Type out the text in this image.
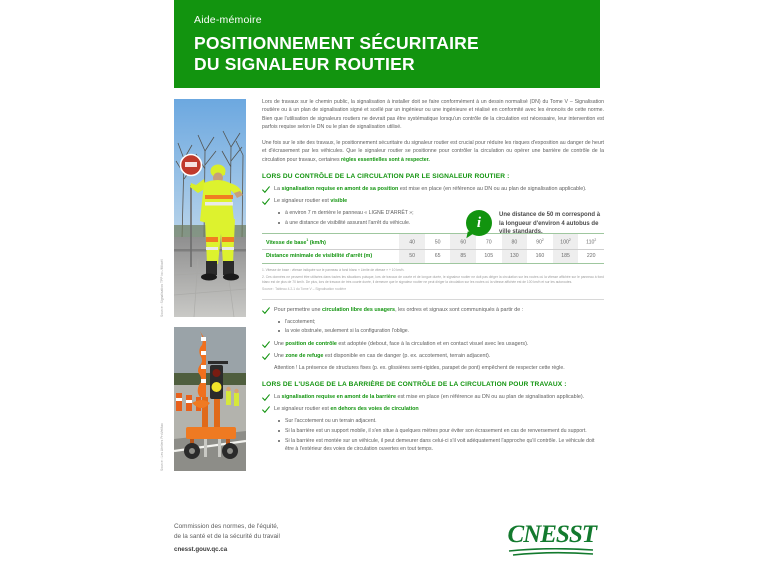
Aide-mémoire
POSITIONNEMENT SÉCURITAIRE
DU SIGNALEUR ROUTIER
Source : Signalisation TPP inc./Mikaël
Source : Les Ateliers ProVeMax

Lors de travaux sur le chemin public, la signalisation à installer doit se faire conformément à un dessin normalisé (DN) du Tome V – Signalisation routière ou à un plan de signalisation signé et scellé par un ingénieur ou une ingénieure et réalisé en conformité avec les énoncés de cette norme. Bien que l'utilisation de signaleurs routiers ne devrait pas être systématique lorsqu'un contrôle de la circulation est nécessaire, leur intervention est parfois requise selon le DN ou le plan de signalisation utilisé.

Une fois sur le site des travaux, le positionnement sécuritaire du signaleur routier est crucial pour réduire les risques d'exposition au danger de heurt et d'écrasement par les véhicules. Que le signaleur routier se positionne pour contrôler la circulation ou opérer une barrière de contrôle de la circulation pour travaux, certaines règles essentielles sont à respecter.

LORS DU CONTRÔLE DE LA CIRCULATION PAR LE SIGNALEUR ROUTIER :
La signalisation requise en amont de sa position est mise en place (en référence au DN ou au plan de signalisation applicable).
Le signaleur routier est visible
à environ 7 m derrière le panneau « LIGNE D'ARRÊT »;
à une distance de visibilité assurant l'arrêt du véhicule.
Vitesse de base$^1$ (km/h)	40	50	60	70	80	$90^2$	$100^2$	$110^2$
Distance minimale de visibilité d'arrêt (m)	50	65	85	105	130	160	185	220

1. Vitesse de base : vitesse indiquée sur le panneau à fond blanc « Limite de vitesse » + 10 km/h.

2. Ces données ne peuvent être utilisées dans toutes les situations puisque, lors de travaux de courte et de longue durée, le signaleur routier ne doit pas diriger la circulation sur les routes où la vitesse affichée sur le panneau à fond blanc est de plus de 70 km/h. De plus, lors de travaux de très courte durée, il demeure que le signaleur routier ne peut diriger la circulation sur les routes où la vitesse affichée est de 100 km/h et sur les autoroutes.

Source : Tableau 4.2-1 du Tome V – Signalisation routière

Pour permettre une circulation libre des usagers, les ordres et signaux sont communiqués à partir de :
l'accotement;
la voie obstruée, seulement si la configuration l'oblige.
Une position de contrôle est adoptée (debout, face à la circulation et en contact visuel avec les usagers).
Une zone de refuge est disponible en cas de danger (p. ex. accotement, terrain adjacent).
Attention ! La présence de structures fixes (p. ex. glissières semi-rigides, parapet de pont) empêchent de respecter cette règle.
LORS DE L'USAGE DE LA BARRIÈRE DE CONTRÔLE DE LA CIRCULATION POUR TRAVAUX :
La signalisation requise en amont de la barrière est mise en place (en référence au DN ou au plan de signalisation applicable).
Le signaleur routier est en dehors des voies de circulation
Sur l'accotement ou un terrain adjacent.
Si la barrière est un support mobile, il s'en situe à quelques mètres pour éviter son écrasement en cas de renversement du support.
Si la barrière est montée sur un véhicule, il peut demeurer dans celui-ci s'il voit adéquatement l'approche qu'il contrôle. Le véhicule doit être à l'extérieur des voies de circulation ouvertes en tout temps.
i	Une distance de 50 m correspond à la longueur d'environ 4 autobus de ville standards.
Commission des normes, de l'équité,
de la santé et de la sécurité du travail
cnesst.gouv.qc.ca
CNESST
